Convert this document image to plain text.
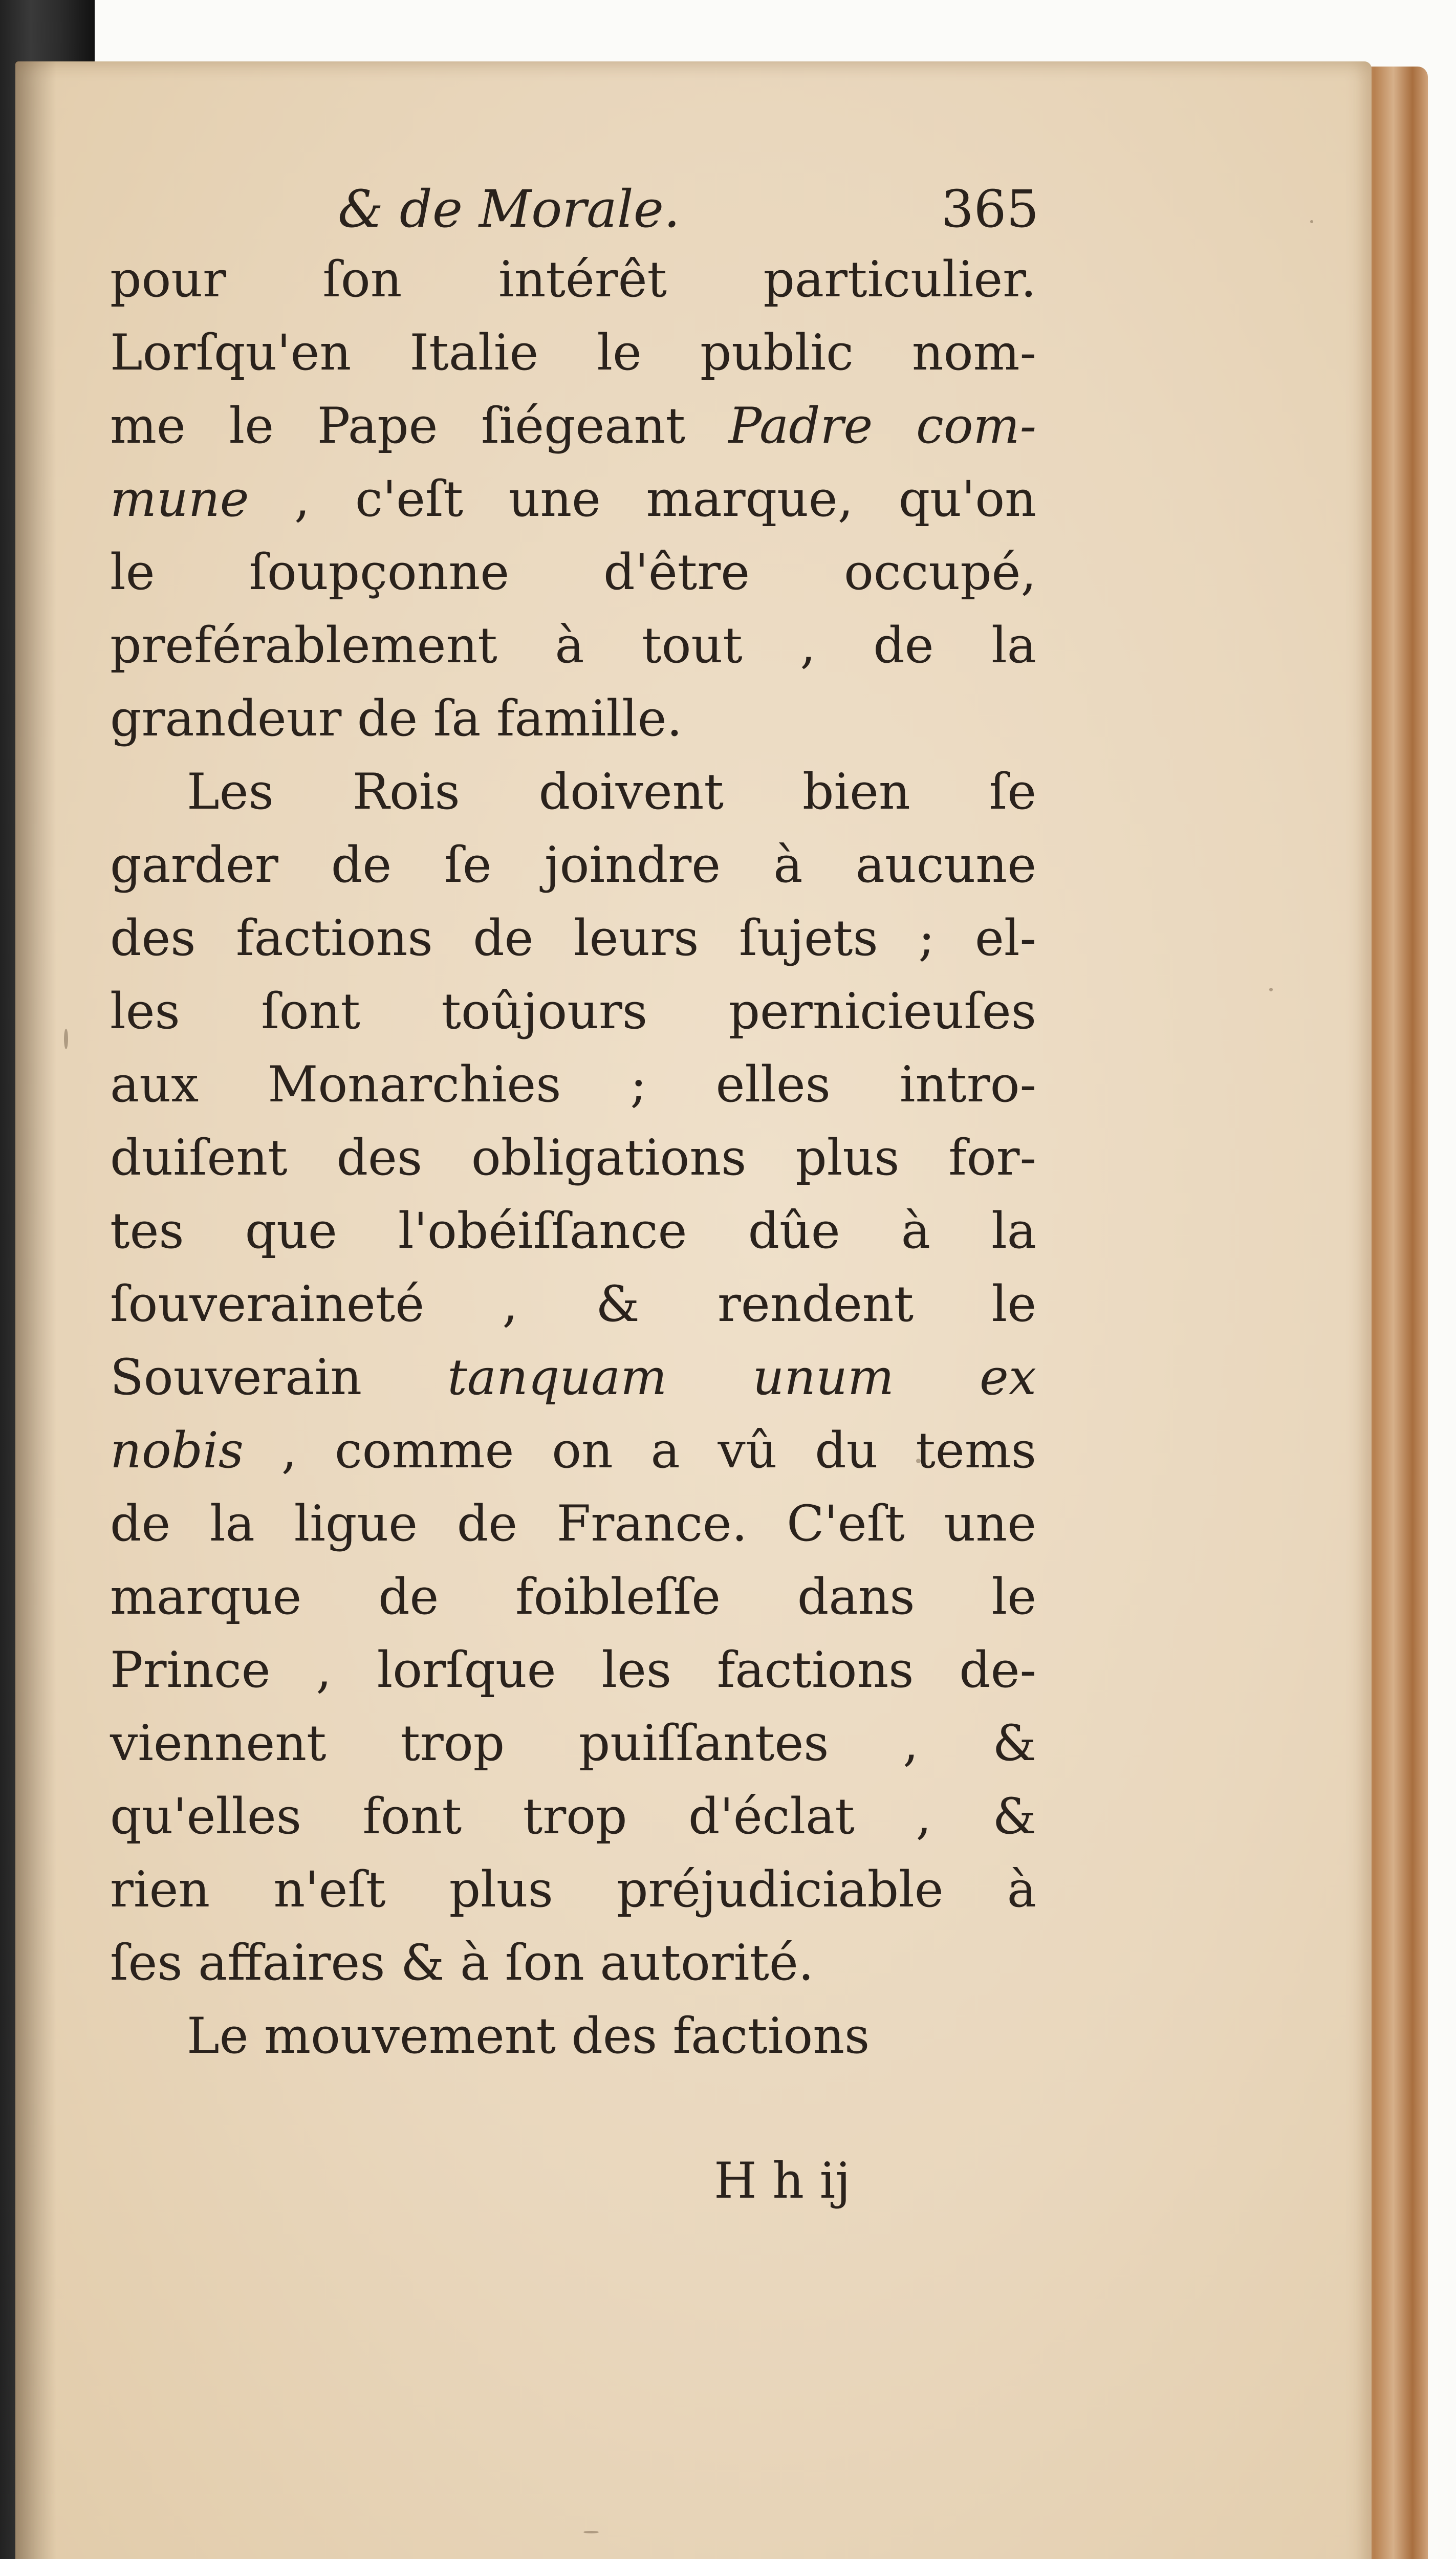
& de Morale.	365
pour ſon intérêt particulier.
Lorſqu'en Italie le public nom-
me le Pape ſiégeant Padre com-
mune , c'eſt une marque, qu'on
le ſoupçonne d'être occupé,
preférablement à tout , de la
grandeur de ſa famille.
Les Rois doivent bien ſe
garder de ſe joindre à aucune
des factions de leurs ſujets ; el-
les ſont toûjours pernicieuſes
aux Monarchies ; elles intro-
duiſent des obligations plus for-
tes que l'obéiſſance dûe à la
ſouveraineté , & rendent le
Souverain tanquam unum ex
nobis , comme on a vû du tems
de la ligue de France. C'eſt une
marque de foibleſſe dans le
Prince , lorſque les factions de-
viennent trop puiſſantes , &
qu'elles font trop d'éclat , &
rien n'eſt plus préjudiciable à
ſes affaires & à ſon autorité.
Le mouvement des factions
H h ij
